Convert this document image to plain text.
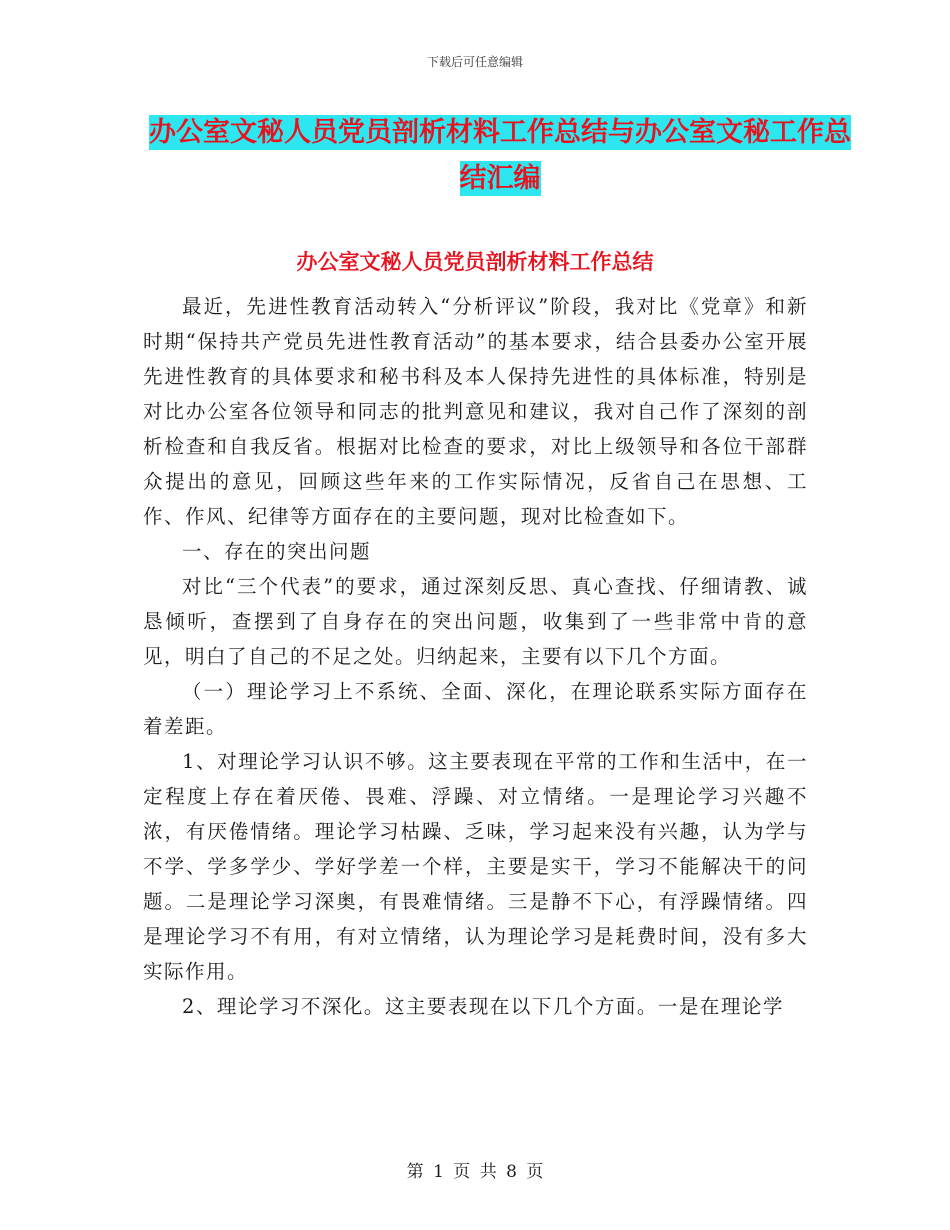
下载后可任意编辑
办公室文秘人员党员剖析材料工作总结与办公室文秘工作总结汇编
办公室文秘人员党员剖析材料工作总结

最近，先进性教育活动转入“分析评议”阶段，我对比《党章》和新时期“保持共产党员先进性教育活动”的基本要求，结合县委办公室开展先进性教育的具体要求和秘书科及本人保持先进性的具体标准，特别是对比办公室各位领导和同志的批判意见和建议，我对自己作了深刻的剖析检查和自我反省。根据对比检查的要求，对比上级领导和各位干部群众提出的意见，回顾这些年来的工作实际情况，反省自己在思想、工作、作风、纪律等方面存在的主要问题，现对比检查如下。

一、存在的突出问题

对比“三个代表”的要求，通过深刻反思、真心查找、仔细请教、诚恳倾听，查摆到了自身存在的突出问题，收集到了一些非常中肯的意见，明白了自己的不足之处。归纳起来，主要有以下几个方面。

（一）理论学习上不系统、全面、深化，在理论联系实际方面存在着差距。

1、对理论学习认识不够。这主要表现在平常的工作和生活中，在一定程度上存在着厌倦、畏难、浮躁、对立情绪。一是理论学习兴趣不浓，有厌倦情绪。理论学习枯躁、乏味，学习起来没有兴趣，认为学与不学、学多学少、学好学差一个样，主要是实干，学习不能解决干的问题。二是理论学习深奥，有畏难情绪。三是静不下心，有浮躁情绪。四是理论学习不有用，有对立情绪，认为理论学习是耗费时间，没有多大实际作用。

2、理论学习不深化。这主要表现在以下几个方面。一是在理论学

第 1 页 共 8 页
